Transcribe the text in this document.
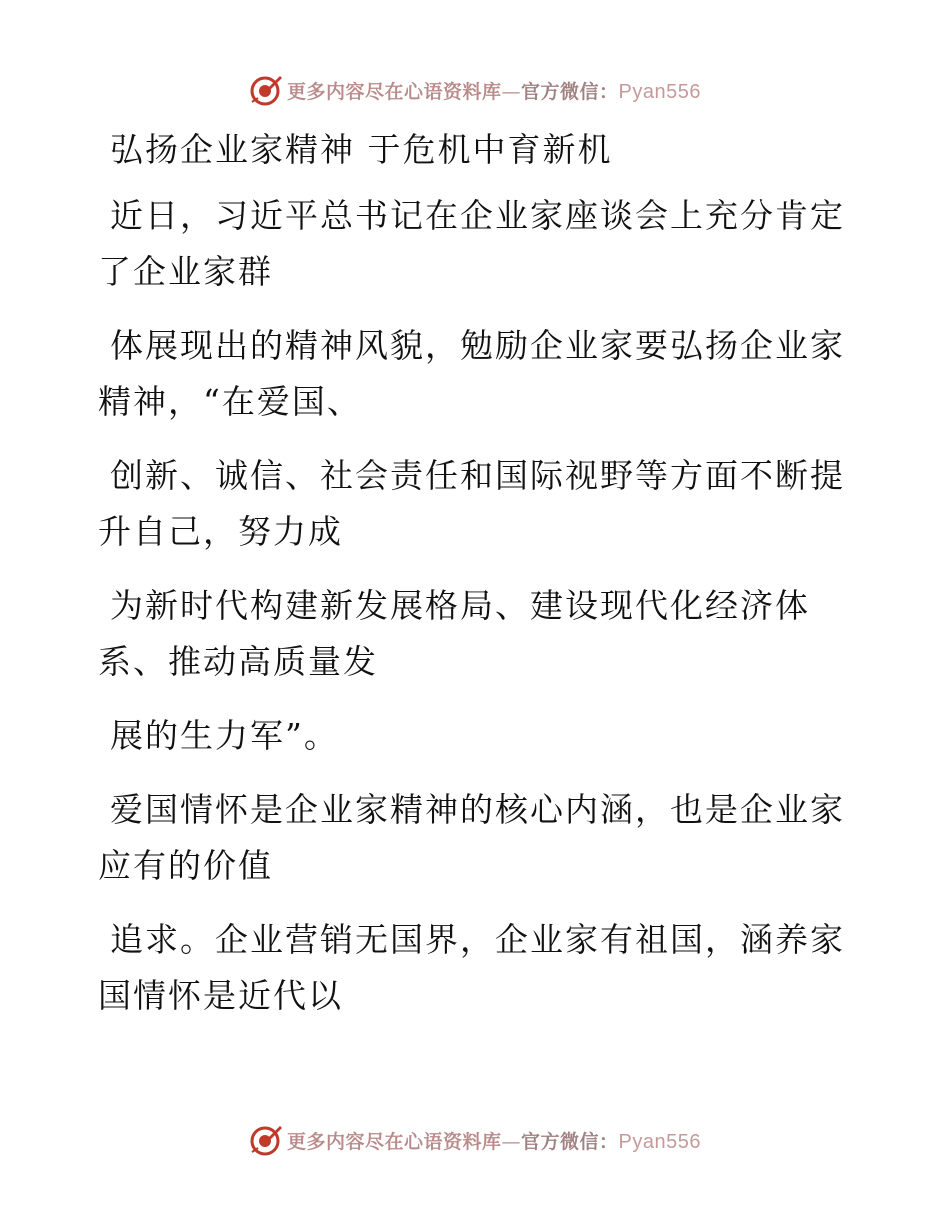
更多内容尽在心语资料库—官方微信：Pyan556
弘扬企业家精神 于危机中育新机
近日，习近平总书记在企业家座谈会上充分肯定
了企业家群
体展现出的精神风貌，勉励企业家要弘扬企业家
精神，“在爱国、
创新、诚信、社会责任和国际视野等方面不断提
升自己，努力成
为新时代构建新发展格局、建设现代化经济体
系、推动高质量发
展的生力军”。
爱国情怀是企业家精神的核心内涵，也是企业家
应有的价值
追求。企业营销无国界，企业家有祖国，涵养家
国情怀是近代以
更多内容尽在心语资料库—官方微信：Pyan556
